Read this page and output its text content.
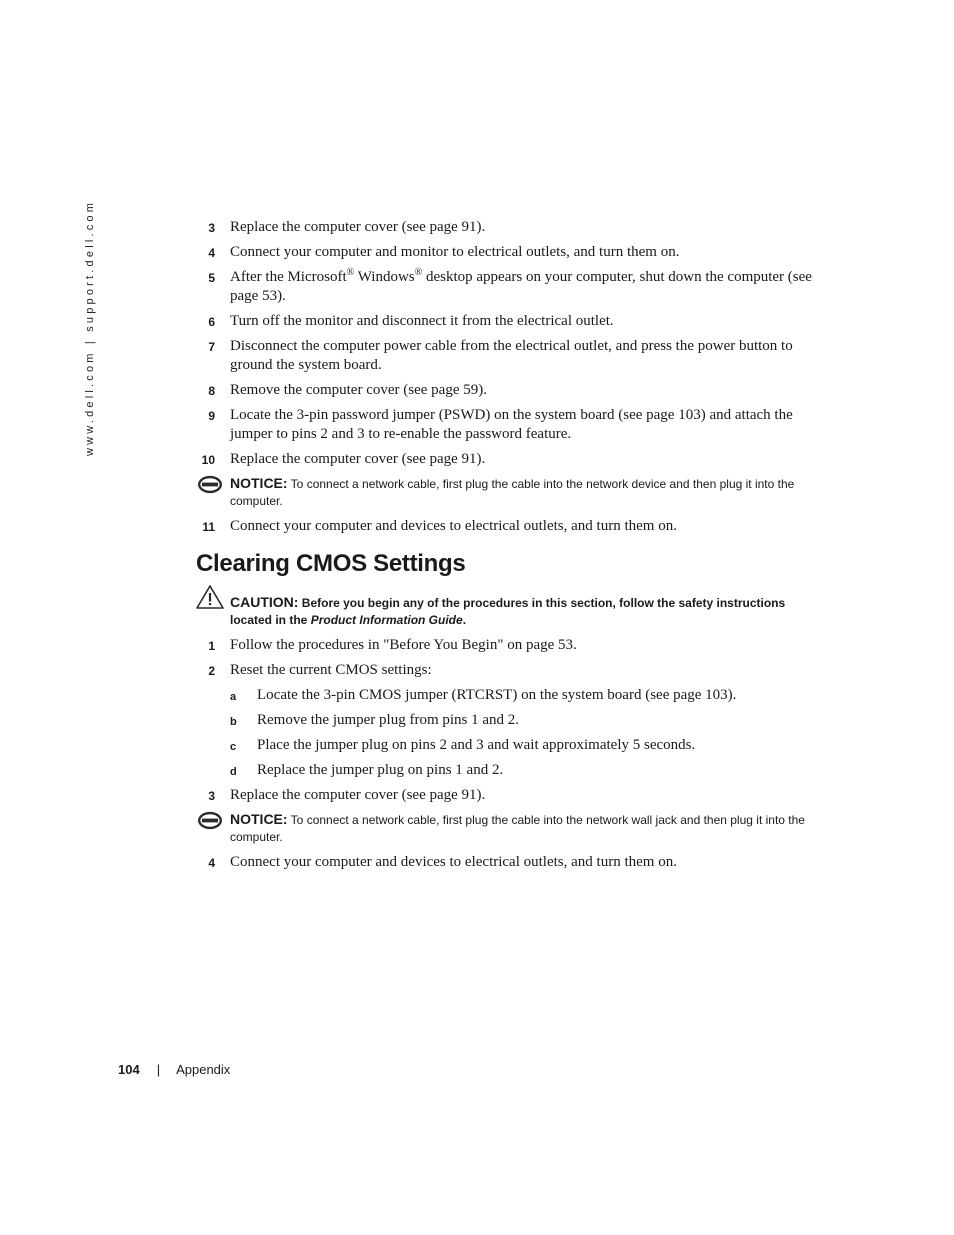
www.dell.com | support.dell.com	3 Replace the computer cover (see page 91).
4 Connect your computer and monitor to electrical outlets, and turn them on.
5 After the Microsoft® Windows® desktop appears on your computer, shut down the computer (see page 53).
6 Turn off the monitor and disconnect it from the electrical outlet.
7 Disconnect the computer power cable from the electrical outlet, and press the power button to ground the system board.
8 Remove the computer cover (see page 59).
9 Locate the 3-pin password jumper (PSWD) on the system board (see page 103) and attach the jumper to pins 2 and 3 to re-enable the password feature.
10 Replace the computer cover (see page 91).
NOTICE: To connect a network cable, first plug the cable into the network device and then plug it into the computer.
11 Connect your computer and devices to electrical outlets, and turn them on.
Clearing CMOS Settings
CAUTION: Before you begin any of the procedures in this section, follow the safety instructions located in the Product Information Guide.
1 Follow the procedures in "Before You Begin" on page 53.
2 Reset the current CMOS settings:
a Locate the 3-pin CMOS jumper (RTCRST) on the system board (see page 103).
b Remove the jumper plug from pins 1 and 2.
c Place the jumper plug on pins 2 and 3 and wait approximately 5 seconds.
d Replace the jumper plug on pins 1 and 2.
3 Replace the computer cover (see page 91).
NOTICE: To connect a network cable, first plug the cable into the network wall jack and then plug it into the computer.
4 Connect your computer and devices to electrical outlets, and turn them on.
104 | Appendix
